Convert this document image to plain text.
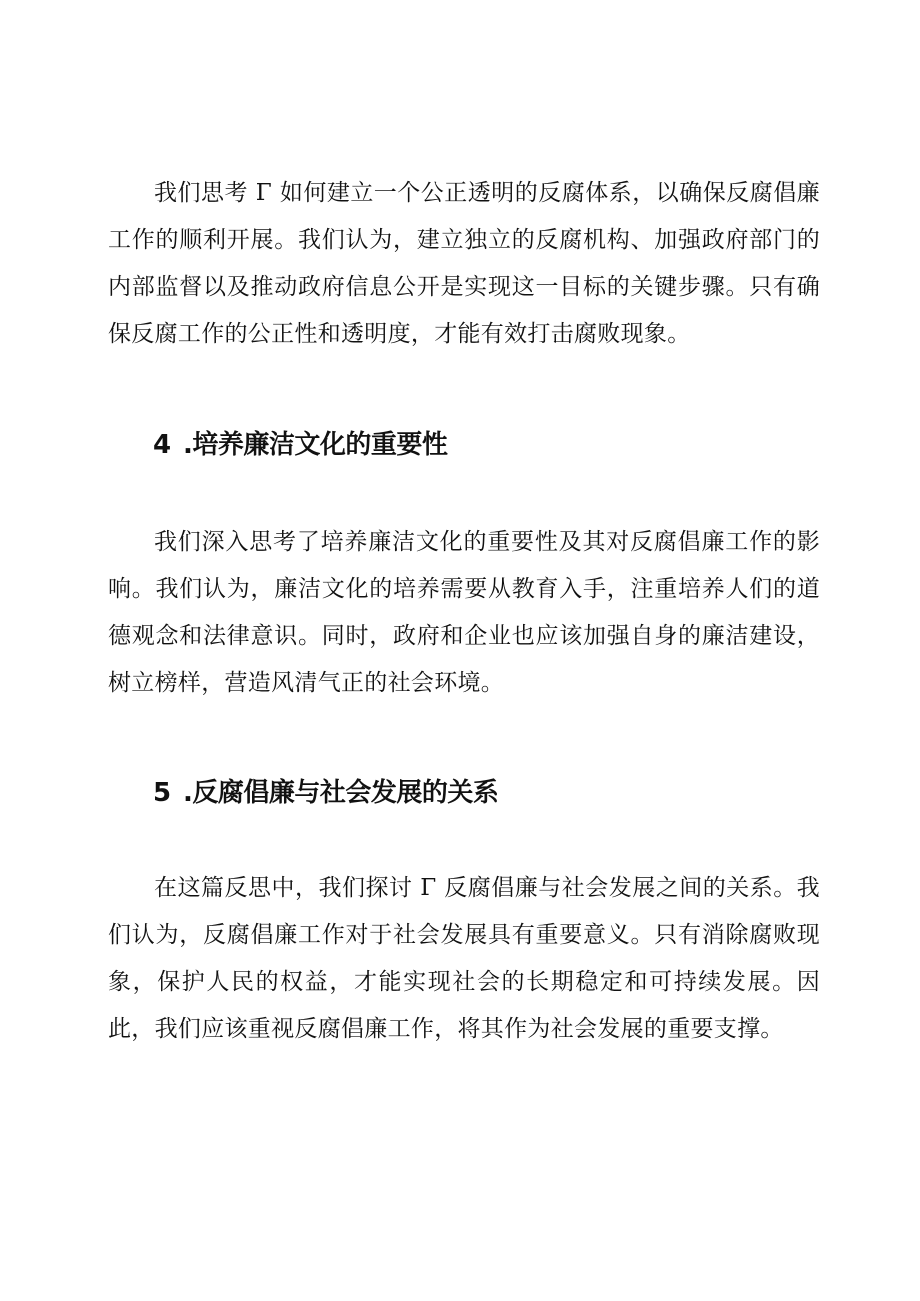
我们思考 Γ 如何建立一个公正透明的反腐体系，以确保反腐倡廉工作的顺利开展。我们认为，建立独立的反腐机构、加强政府部门的内部监督以及推动政府信息公开是实现这一目标的关键步骤。只有确保反腐工作的公正性和透明度，才能有效打击腐败现象。

4 .培养廉洁文化的重要性

我们深入思考了培养廉洁文化的重要性及其对反腐倡廉工作的影响。我们认为，廉洁文化的培养需要从教育入手，注重培养人们的道德观念和法律意识。同时，政府和企业也应该加强自身的廉洁建设，树立榜样，营造风清气正的社会环境。

5 .反腐倡廉与社会发展的关系

在这篇反思中，我们探讨 Γ 反腐倡廉与社会发展之间的关系。我们认为，反腐倡廉工作对于社会发展具有重要意义。只有消除腐败现象，保护人民的权益，才能实现社会的长期稳定和可持续发展。因此，我们应该重视反腐倡廉工作，将其作为社会发展的重要支撑。
